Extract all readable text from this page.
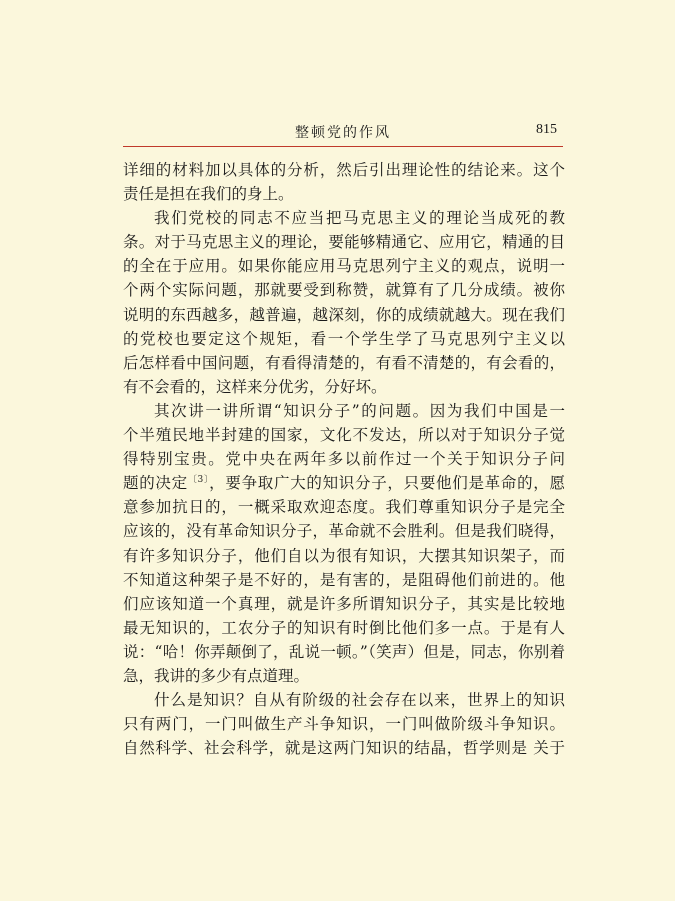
整顿党的作风	815
详细的材料加以具体的分析，然后引出理论性的结论来。这个
责任是担在我们的身上。
我们党校的同志不应当把马克思主义的理论当成死的教
条。对于马克思主义的理论，要能够精通它、应用它，精通的目
的全在于应用。如果你能应用马克思列宁主义的观点，说明一
个两个实际问题，那就要受到称赞，就算有了几分成绩。被你
说明的东西越多，越普遍，越深刻，你的成绩就越大。现在我们
的党校也要定这个规矩，看一个学生学了马克思列宁主义以
后怎样看中国问题，有看得清楚的，有看不清楚的，有会看的，
有不会看的，这样来分优劣，分好坏。
其次讲一讲所谓“知识分子”的问题。因为我们中国是一
个半殖民地半封建的国家，文化不发达，所以对于知识分子觉
得特别宝贵。党中央在两年多以前作过一个关于知识分子问
题的决定$^{〔3〕}$，要争取广大的知识分子，只要他们是革命的，愿
意参加抗日的，一概采取欢迎态度。我们尊重知识分子是完全
应该的，没有革命知识分子，革命就不会胜利。但是我们晓得，
有许多知识分子，他们自以为很有知识，大摆其知识架子，而
不知道这种架子是不好的，是有害的，是阻碍他们前进的。他
们应该知道一个真理，就是许多所谓知识分子，其实是比较地
最无知识的，工农分子的知识有时倒比他们多一点。于是有人
说：“哈！你弄颠倒了，乱说一顿。”（笑声）但是，同志，你别着
急，我讲的多少有点道理。
什么是知识？自从有阶级的社会存在以来，世界上的知识
只有两门，一门叫做生产斗争知识，一门叫做阶级斗争知识。
自然科学、社会科学，就是这两门知识的结晶，哲学则是 关于
